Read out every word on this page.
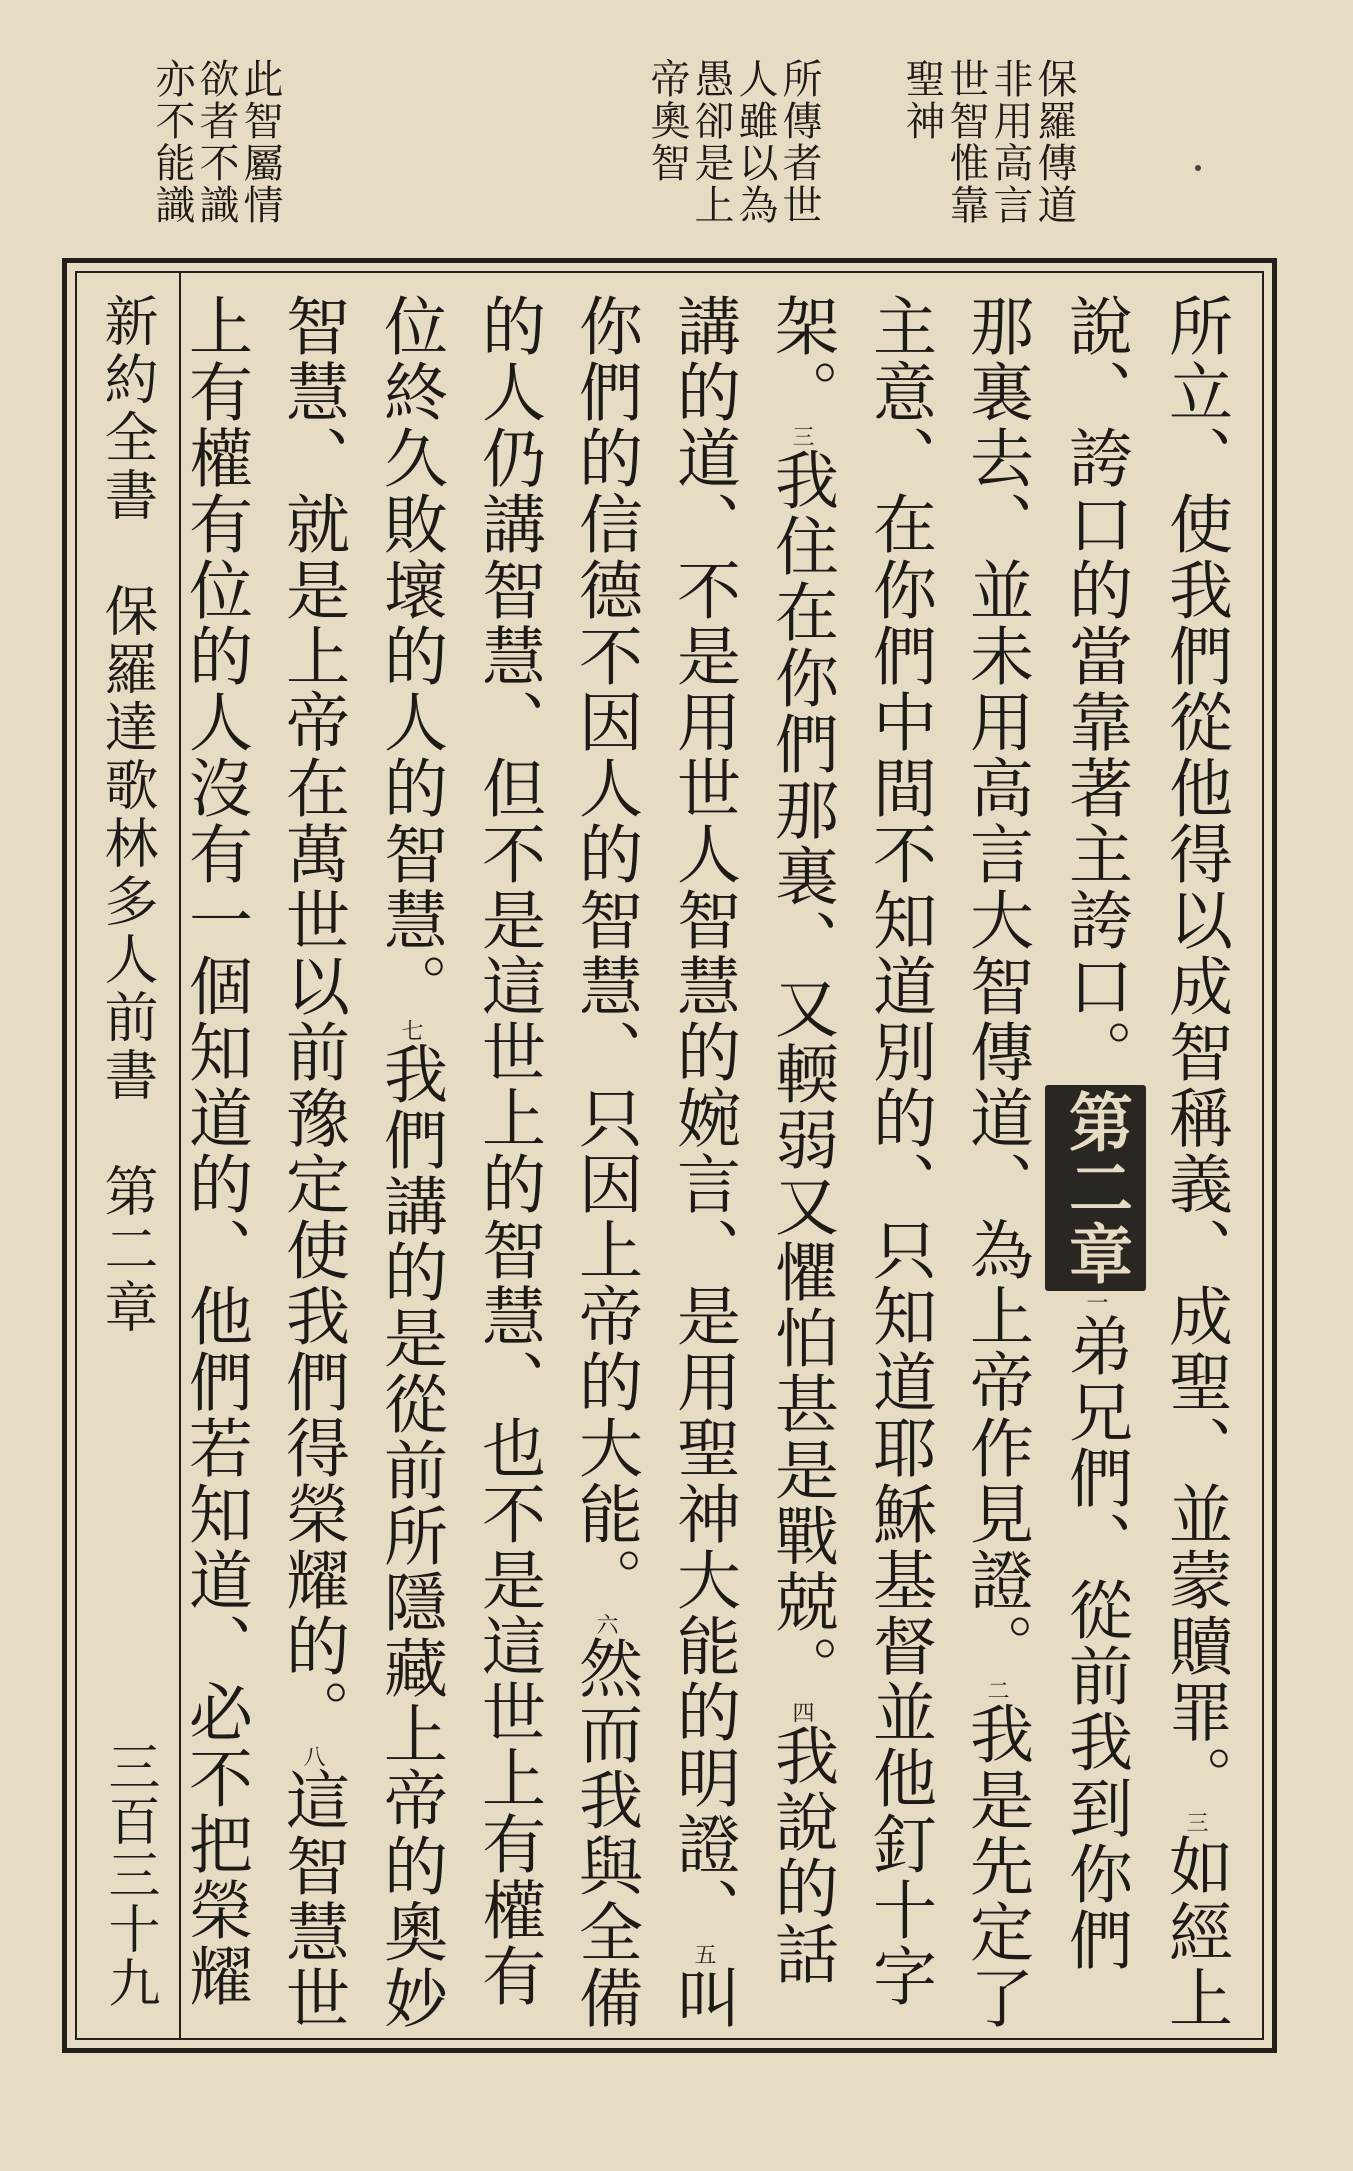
保羅傳道非用高言世智惟靠聖神
所傳者世人雖以為愚卻是上帝奧智
此智屬情欲者不識亦不能識
新約全書　保羅達歌林多人前書　第二章
三百三十九
所立、使我們從他得以成智稱義、成聖、並蒙贖罪。三如經上說、誇口的當靠著主誇口。第二章一弟兄們、從前我到你們那裏去、並未用高言大智傳道、為上帝作見證。二我是先定了主意、在你們中間不知道別的、只知道耶穌基督並他釘十字架。三我住在你們那裏、又輭弱又懼怕甚是戰兢。四我說的話講的道、不是用世人智慧的婉言、是用聖神大能的明證、五叫你們的信德不因人的智慧、只因上帝的大能。六然而我與全備的人仍講智慧、但不是這世上的智慧、也不是這世上有權有位終久敗壞的人的智慧。七我們講的是從前所隱藏上帝的奧妙智慧、就是上帝在萬世以前豫定使我們得榮耀的。八這智慧世上有權有位的人沒有一個知道的、他們若知道、必不把榮耀
